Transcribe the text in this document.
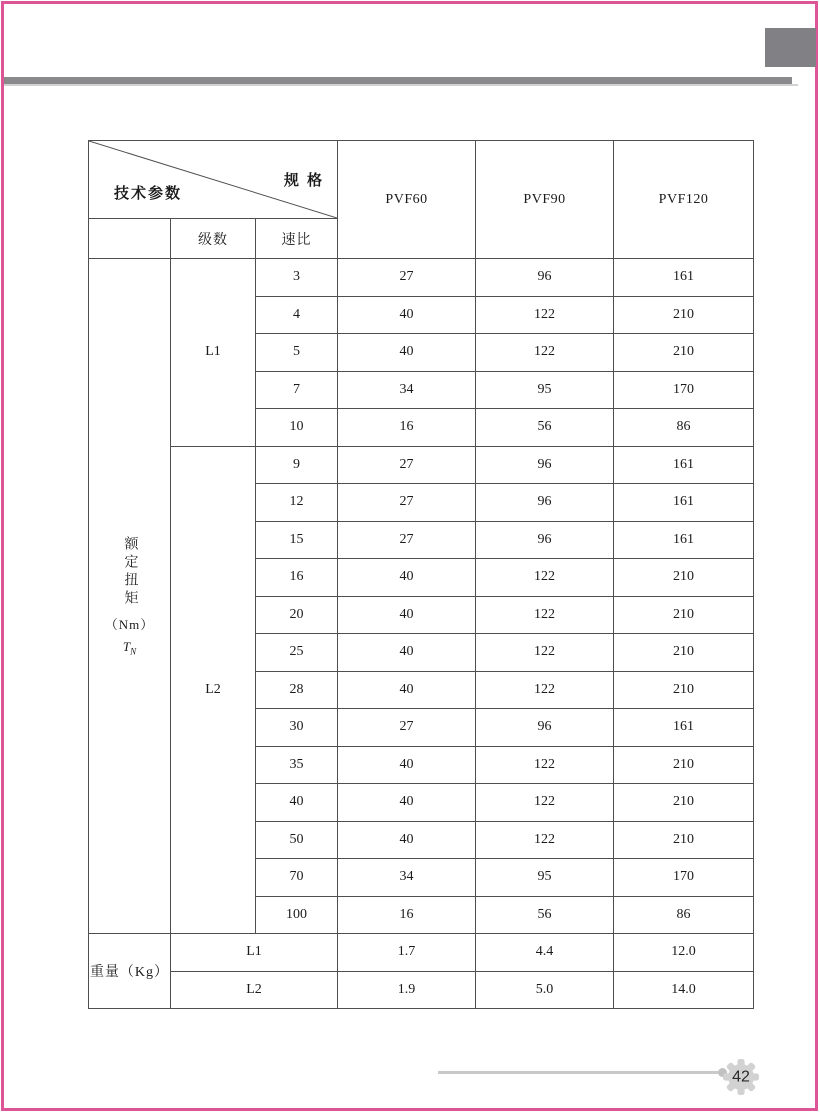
规 格
技术参数			PVF60	PVF90	PVF120
	级数	速比			

额定扭矩
（Nm）
$T_N$	L1	3	27	96	161
		4	40	122	210
		5	40	122	210
		7	34	95	170
		10	16	56	86
	L2	9	27	96	161
		12	27	96	161
		15	27	96	161
		16	40	122	210
		20	40	122	210
		25	40	122	210
		28	40	122	210
		30	27	96	161
		35	40	122	210
		40	40	122	210
		50	40	122	210
		70	34	95	170
		100	16	56	86
重量（Kg）	L1		1.7	4.4	12.0
	L2		1.9	5.0	14.0
42
